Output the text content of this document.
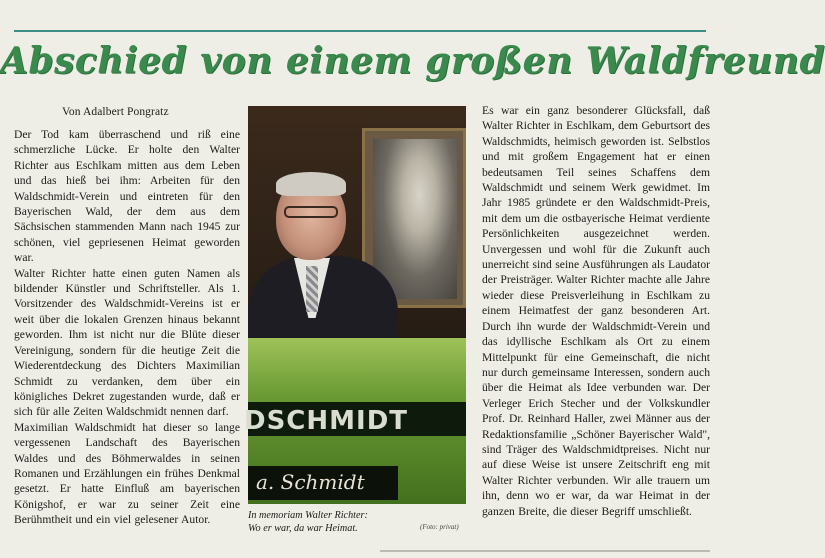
Abschied von einem großen Waldfreund
Von Adalbert Pongratz

Der Tod kam überraschend und riß eine schmerzliche Lücke. Er holte den Walter Richter aus Eschlkam mitten aus dem Leben und das hieß bei ihm: Arbeiten für den Waldschmidt-Verein und eintreten für den Bayerischen Wald, der dem aus dem Sächsischen stammenden Mann nach 1945 zur schönen, viel gepriesenen Heimat geworden war.

Walter Richter hatte einen guten Namen als bildender Künstler und Schriftsteller. Als 1. Vorsitzender des Waldschmidt-Vereins ist er weit über die lokalen Grenzen hinaus bekannt geworden. Ihm ist nicht nur die Blüte dieser Vereinigung, sondern für die heutige Zeit die Wiederentdeckung des Dichters Maximilian Schmidt zu verdanken, dem über ein königliches Dekret zugestanden wurde, daß er sich für alle Zeiten Waldschmidt nennen darf.

Maximilian Waldschmidt hat dieser so lange vergessenen Landschaft des Bayerischen Waldes und des Böhmerwaldes in seinen Romanen und Erzählungen ein frühes Denkmal gesetzt. Er hatte Einfluß am bayerischen Königshof, er war zu seiner Zeit eine Berühmtheit und ein viel gelesener Autor.

DSCHMIDT
a. Schmidt
In memoriam Walter Richter:
Wo er war, da war Heimat.	(Foto: privat)

Es war ein ganz besonderer Glücksfall, daß Walter Richter in Eschlkam, dem Geburtsort des Waldschmidts, heimisch geworden ist. Selbstlos und mit großem Engagement hat er einen bedeutsamen Teil seines Schaffens dem Waldschmidt und seinem Werk gewidmet. Im Jahr 1985 gründete er den Waldschmidt-Preis, mit dem um die ostbayerische Heimat verdiente Persönlichkeiten ausgezeichnet werden. Unvergessen und wohl für die Zukunft auch unerreicht sind seine Ausführungen als Laudator der Preisträger. Walter Richter machte alle Jahre wieder diese Preisverleihung in Eschlkam zu einem Heimatfest der ganz besonderen Art. Durch ihn wurde der Waldschmidt-Verein und das idyllische Eschlkam als Ort zu einem Mittelpunkt für eine Gemeinschaft, die nicht nur durch gemeinsame Interessen, sondern auch über die Heimat als Idee verbunden war. Der Verleger Erich Stecher und der Volkskundler Prof. Dr. Reinhard Haller, zwei Männer aus der Redaktionsfamilie „Schöner Bayerischer Wald", sind Träger des Waldschmidtpreises. Nicht nur auf diese Weise ist unsere Zeitschrift eng mit Walter Richter verbunden. Wir alle trauern um ihn, denn wo er war, da war Heimat in der ganzen Breite, die dieser Begriff umschließt.
